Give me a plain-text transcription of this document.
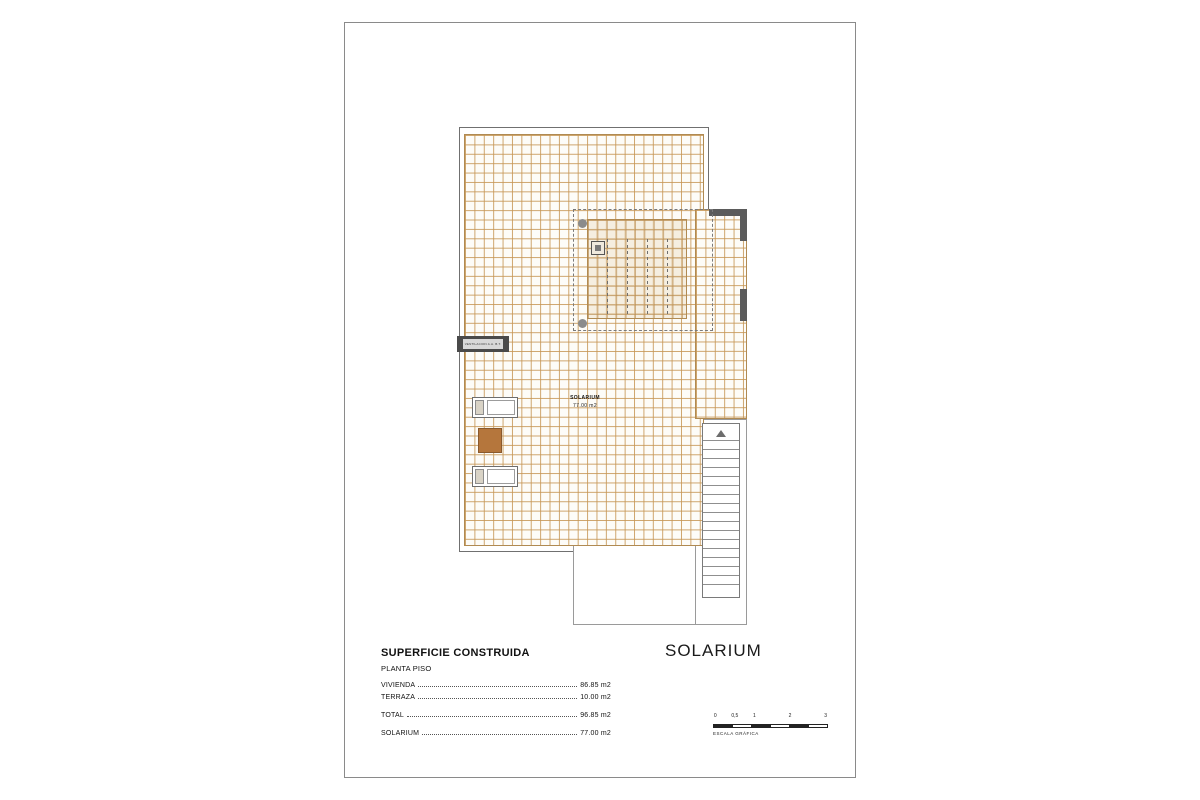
VENTILACION A.A. B.T.
SOLARIUM
77.00 m2
SOLARIUM
SUPERFICIE CONSTRUIDA
PLANTA PISO
VIVIENDA	86.85 m2
TERRAZA	10.00 m2
TOTAL	96.85 m2
SOLARIUM	77.00 m2
0	0,5	1	2	3
ESCALA GRÁFICA
